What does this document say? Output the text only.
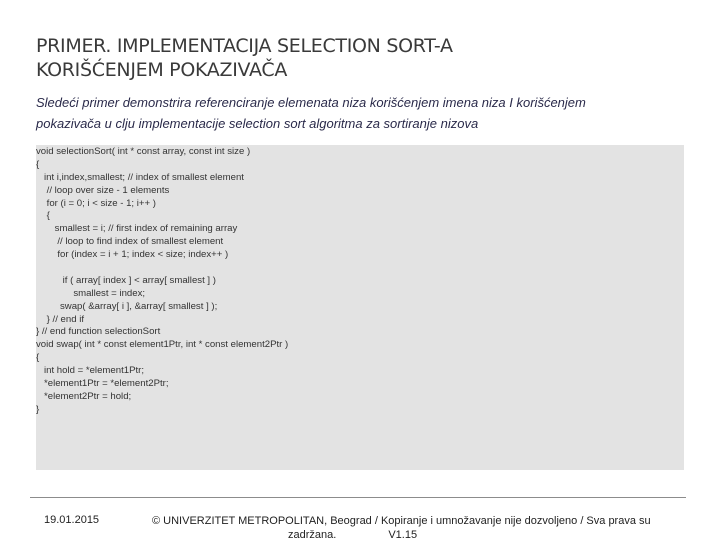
PRIMER. IMPLEMENTACIJA SELECTION SORT-A
KORIŠĆENJEM POKAZIVAČA
Sledeći primer demonstrira referenciranje elemenata niza korišćenjem imena niza I korišćenjem
pokazivača u clju implementacije selection sort algoritma za sortiranje nizova
void selectionSort( int * const array, const int size )
{
int i,index,smallest; // index of smallest element
// loop over size - 1 elements
for (i = 0; i < size - 1; i++ )
{
smallest = i; // first index of remaining array
// loop to find index of smallest element
for (index = i + 1; index < size; index++ )
if ( array[ index ] < array[ smallest ] )
smallest = index;
swap( &array[ i ], &array[ smallest ] );
} // end if
} // end function selectionSort
void swap( int * const element1Ptr, int * const element2Ptr )
{
int hold = *element1Ptr;
*element1Ptr = *element2Ptr;
*element2Ptr = hold;
}
19.01.2015	© UNIVERZITET METROPOLITAN, Beograd / Kopiranje i umnožavanje nije dozvoljeno / Sva prava su
zadržana.	V1.15
